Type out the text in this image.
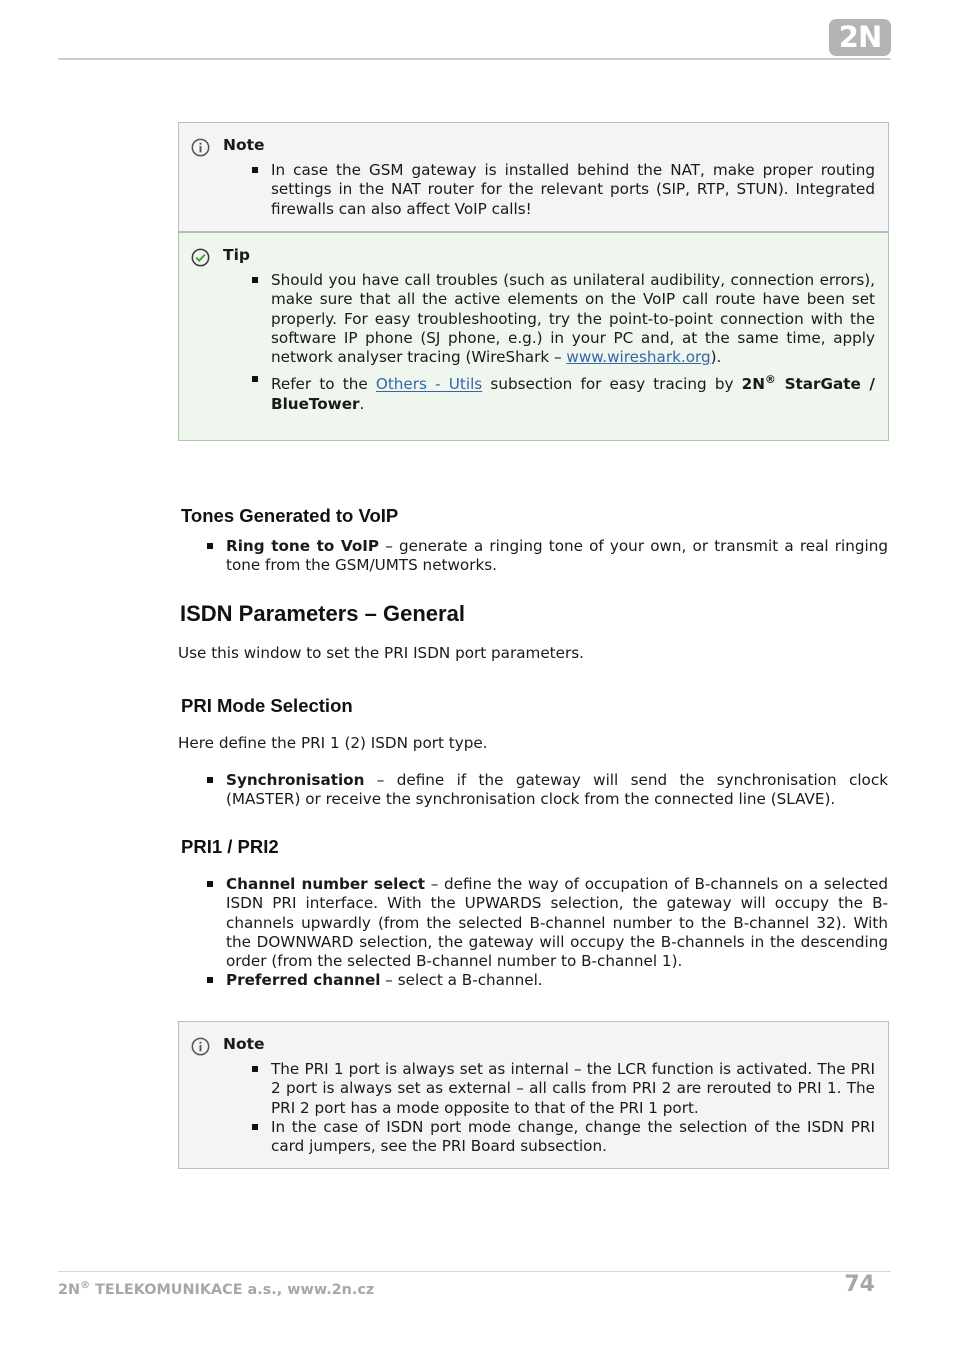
2N
Note
In case the GSM gateway is installed behind the NAT, make proper routing settings in the NAT router for the relevant ports (SIP, RTP, STUN). Integrated firewalls can also affect VoIP calls!
Tip
Should you have call troubles (such as unilateral audibility, connection errors), make sure that all the active elements on the VoIP call route have been set properly. For easy troubleshooting, try the point-to-point connection with the software IP phone (SJ phone, e.g.) in your PC and, at the same time, apply network analyser tracing (WireShark – www.wireshark.org).
Refer to the Others - Utils subsection for easy tracing by 2N® StarGate / BlueTower.
Tones Generated to VoIP
Ring tone to VoIP – generate a ringing tone of your own, or transmit a real ringing tone from the GSM/UMTS networks.
ISDN Parameters – General

Use this window to set the PRI ISDN port parameters.

PRI Mode Selection

Here define the PRI 1 (2) ISDN port type.

Synchronisation – define if the gateway will send the synchronisation clock (MASTER) or receive the synchronisation clock from the connected line (SLAVE).
PRI1 / PRI2
Channel number select – define the way of occupation of B-channels on a selected ISDN PRI interface. With the UPWARDS selection, the gateway will occupy the B-channels upwardly (from the selected B-channel number to the B-channel 32). With the DOWNWARD selection, the gateway will occupy the B-channels in the descending order (from the selected B-channel number to B-channel 1).
Preferred channel – select a B-channel.
Note
The PRI 1 port is always set as internal – the LCR function is activated. The PRI 2 port is always set as external – all calls from PRI 2 are rerouted to PRI 1. The PRI 2 port has a mode opposite to that of the PRI 1 port.
In the case of ISDN port mode change, change the selection of the ISDN PRI card jumpers, see the PRI Board subsection.
2N® TELEKOMUNIKACE a.s., www.2n.cz	74
